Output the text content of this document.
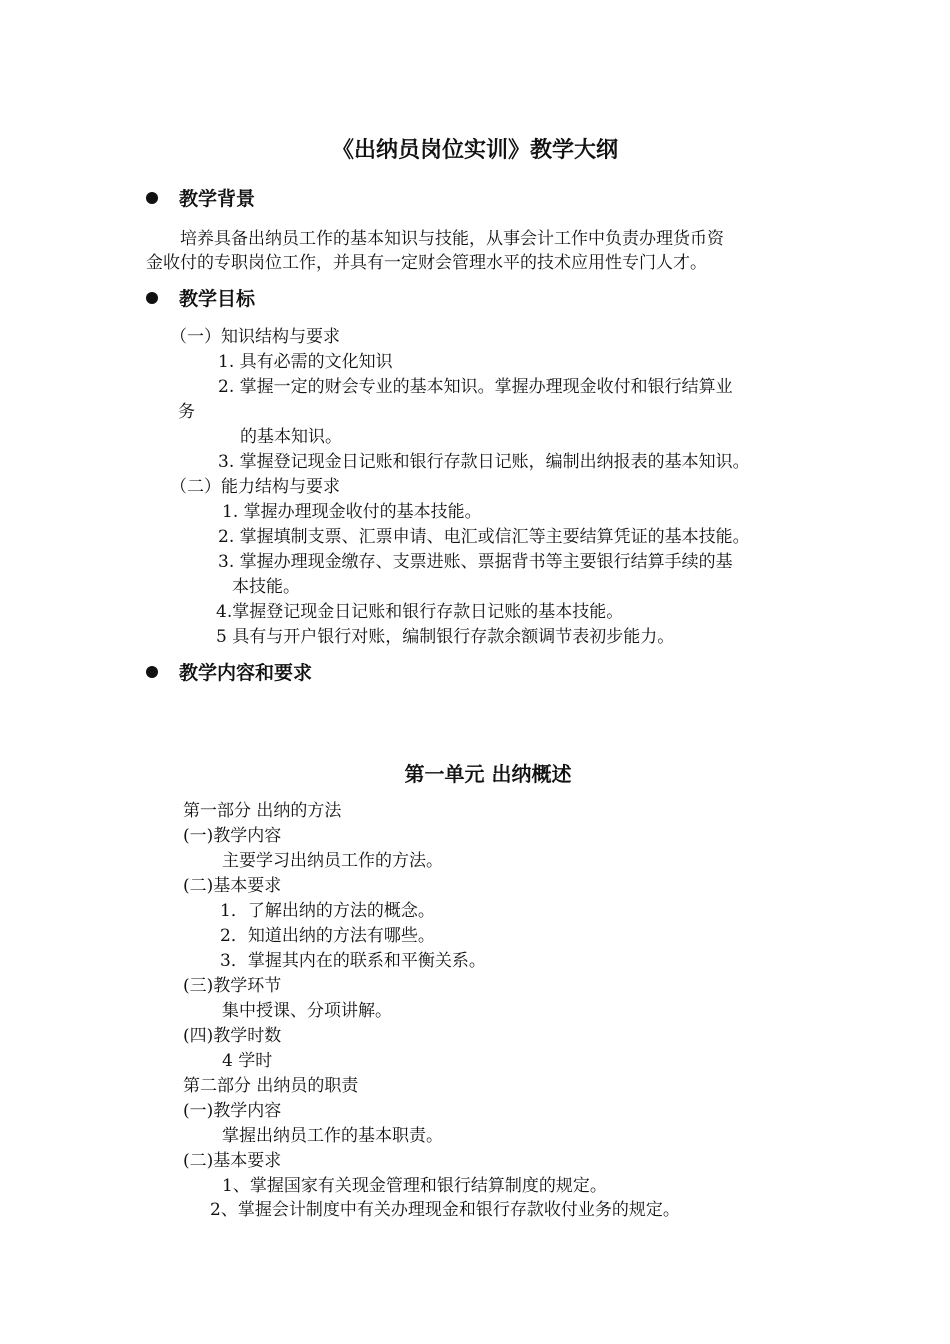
《出纳员岗位实训》教学大纲
教学背景
培养具备出纳员工作的基本知识与技能，从事会计工作中负责办理货币资
金收付的专职岗位工作，并具有一定财会管理水平的技术应用性专门人才。
教学目标
（一）知识结构与要求
1. 具有必需的文化知识
2. 掌握一定的财会专业的基本知识。掌握办理现金收付和银行结算业
务
的基本知识。
3. 掌握登记现金日记账和银行存款日记账，编制出纳报表的基本知识。
（二）能力结构与要求
1. 掌握办理现金收付的基本技能。
2. 掌握填制支票、汇票申请、电汇或信汇等主要结算凭证的基本技能。
3. 掌握办理现金缴存、支票进账、票据背书等主要银行结算手续的基
本技能。
4.掌握登记现金日记账和银行存款日记账的基本技能。
5 具有与开户银行对账，编制银行存款余额调节表初步能力。
教学内容和要求
第一单元 出纳概述
第一部分 出纳的方法
(一)教学内容
主要学习出纳员工作的方法。
(二)基本要求
1．了解出纳的方法的概念。
2．知道出纳的方法有哪些。
3．掌握其内在的联系和平衡关系。
(三)教学环节
集中授课、分项讲解。
(四)教学时数
4 学时
第二部分 出纳员的职责
(一)教学内容
掌握出纳员工作的基本职责。
(二)基本要求
1、掌握国家有关现金管理和银行结算制度的规定。
2、掌握会计制度中有关办理现金和银行存款收付业务的规定。
